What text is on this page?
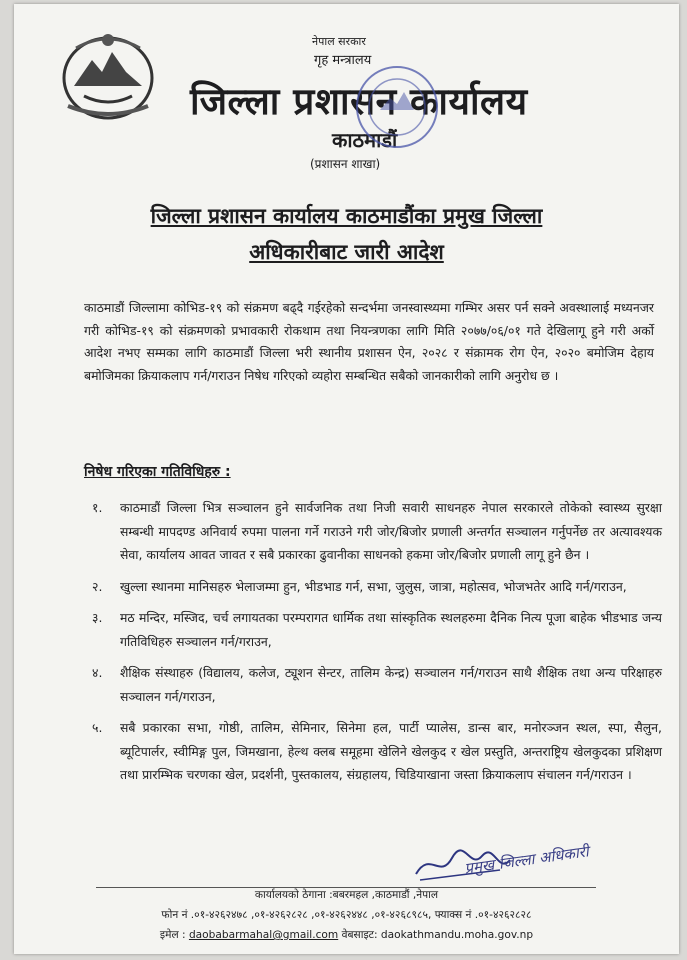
नेपाल सरकार
गृह मन्त्रालय
जिल्ला प्रशासन कार्यालय
काठमाडौं
(प्रशासन शाखा)
जिल्ला प्रशासन कार्यालय काठमाडौंका प्रमुख जिल्ला
अधिकारीबाट जारी आदेश
काठमाडौं जिल्लामा कोभिड-१९ को संक्रमण बढ्दै गईरहेको सन्दर्भमा जनस्वास्थ्यमा गम्भिर असर पर्न सक्ने अवस्थालाई मध्यनजर गरी कोभिड-१९ को संक्रमणको प्रभावकारी रोकथाम तथा नियन्त्रणका लागि मिति २०७७/०६/०१ गते देखिलागू हुने गरी अर्को आदेश नभए सम्मका लागि काठमाडौं जिल्ला भरी स्थानीय प्रशासन ऐन, २०२८ र संक्रामक रोग ऐन, २०२० बमोजिम देहाय बमोजिमका क्रियाकलाप गर्न/गराउन निषेध गरिएको व्यहोरा सम्बन्धित सबैको जानकारीको लागि अनुरोध छ ।
निषेध गरिएका गतिविधिहरु :
१.	काठमाडौं जिल्ला भित्र सञ्चालन हुने सार्वजनिक तथा निजी सवारी साधनहरु नेपाल सरकारले तोकेको स्वास्थ्य सुरक्षा सम्बन्धी मापदण्ड अनिवार्य रुपमा पालना गर्ने गराउने गरी जोर/बिजोर प्रणाली अन्तर्गत सञ्चालन गर्नुपर्नेछ तर अत्यावश्यक सेवा, कार्यालय आवत जावत र सबै प्रकारका ढुवानीका साधनको हकमा जोर/बिजोर प्रणाली लागू हुने छैन ।
२.	खुल्ला स्थानमा मानिसहरु भेलाजम्मा हुन, भीडभाड गर्न, सभा, जुलुस, जात्रा, महोत्सव, भोजभतेर आदि गर्न/गराउन,
३.	मठ मन्दिर, मस्जिद, चर्च लगायतका परम्परागत धार्मिक तथा सांस्कृतिक स्थलहरुमा दैनिक नित्य पूजा बाहेक भीडभाड जन्य गतिविधिहरु सञ्चालन गर्न/गराउन,
४.	शैक्षिक संस्थाहरु (विद्यालय, कलेज, ट्यूशन सेन्टर, तालिम केन्द्र) सञ्चालन गर्न/गराउन साथै शैक्षिक तथा अन्य परिक्षाहरु सञ्चालन गर्न/गराउन,
५.	सबै प्रकारका सभा, गोष्ठी, तालिम, सेमिनार, सिनेमा हल, पार्टी प्यालेस, डान्स बार, मनोरञ्जन स्थल, स्पा, सैलुन, ब्यूटिपार्लर, स्वीमिङ्ग पुल, जिमखाना, हेल्थ क्लब समूहमा खेलिने खेलकुद र खेल प्रस्तुति, अन्तराष्ट्रिय खेलकुदका प्रशिक्षण तथा प्रारम्भिक चरणका खेल, प्रदर्शनी, पुस्तकालय, संग्रहालय, चिडियाखाना जस्ता क्रियाकलाप संचालन गर्न/गराउन ।
प्रमुख जिल्ला अधिकारी
कार्यालयको ठेगाना :बबरमहल ,काठमाडौं ,नेपाल
फोन नं .०१-४२६२४७८ ,०१-४२६२८२८ ,०१-४२६२४४८ ,०१-४२६८९८५, फ्याक्स नं .०१-४२६२८२८
इमेल : daobabarmahal@gmail.com वेबसाइट: daokathmandu.moha.gov.np
